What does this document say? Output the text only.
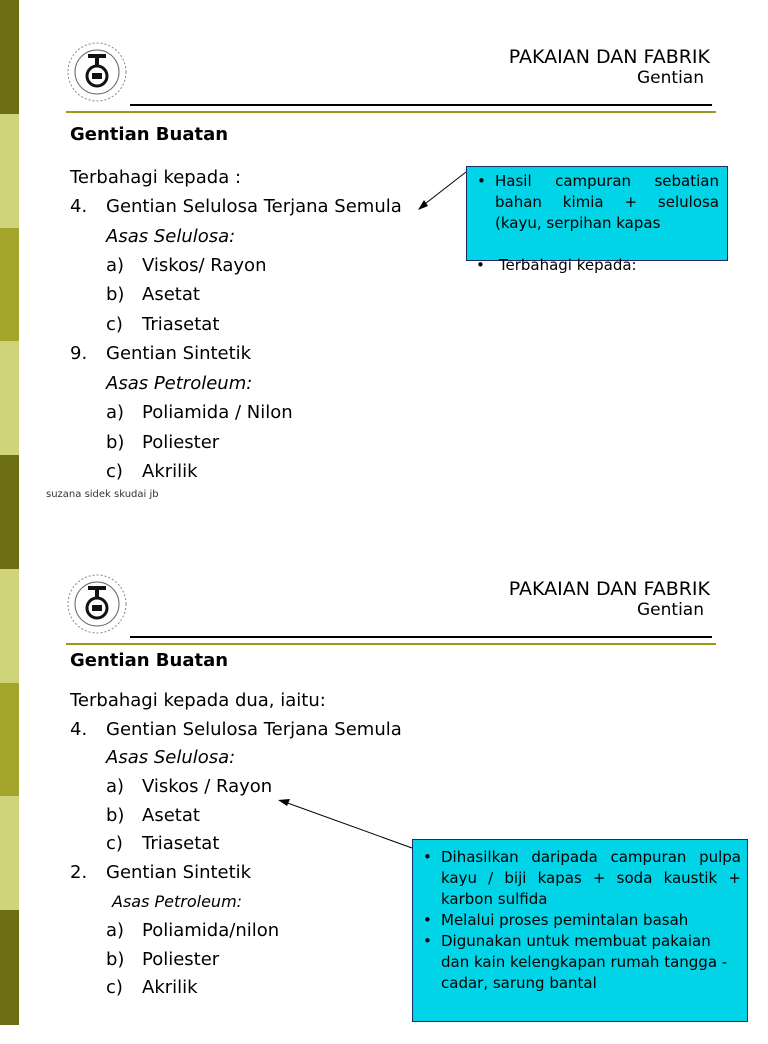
PAKAIAN DAN FABRIK
Gentian
Gentian Buatan
Terbahagi kepada :
4. Gentian Selulosa Terjana Semula
Asas Selulosa:
a) Viskos/ Rayon
b) Asetat
c) Triasetat
9. Gentian Sintetik
Asas Petroleum:
a) Poliamida / Nilon
b) Poliester
c) Akrilik
suzana sidek skudai jb
• Hasil campuran sebatian bahan kimia + selulosa (kayu, serpihan kapas
• Terbahagi kepada:
PAKAIAN DAN FABRIK
Gentian
Gentian Buatan
Terbahagi kepada dua, iaitu:
4. Gentian Selulosa Terjana Semula
Asas Selulosa:
a) Viskos / Rayon
b) Asetat
c) Triasetat
2. Gentian Sintetik
Asas Petroleum:
a) Poliamida/nilon
b) Poliester
c) Akrilik
• Dihasilkan daripada campuran pulpa kayu / biji kapas + soda kaustik + karbon sulfida
• Melalui proses pemintalan basah
• Digunakan untuk membuat pakaian dan kain kelengkapan rumah tangga - cadar, sarung bantal
